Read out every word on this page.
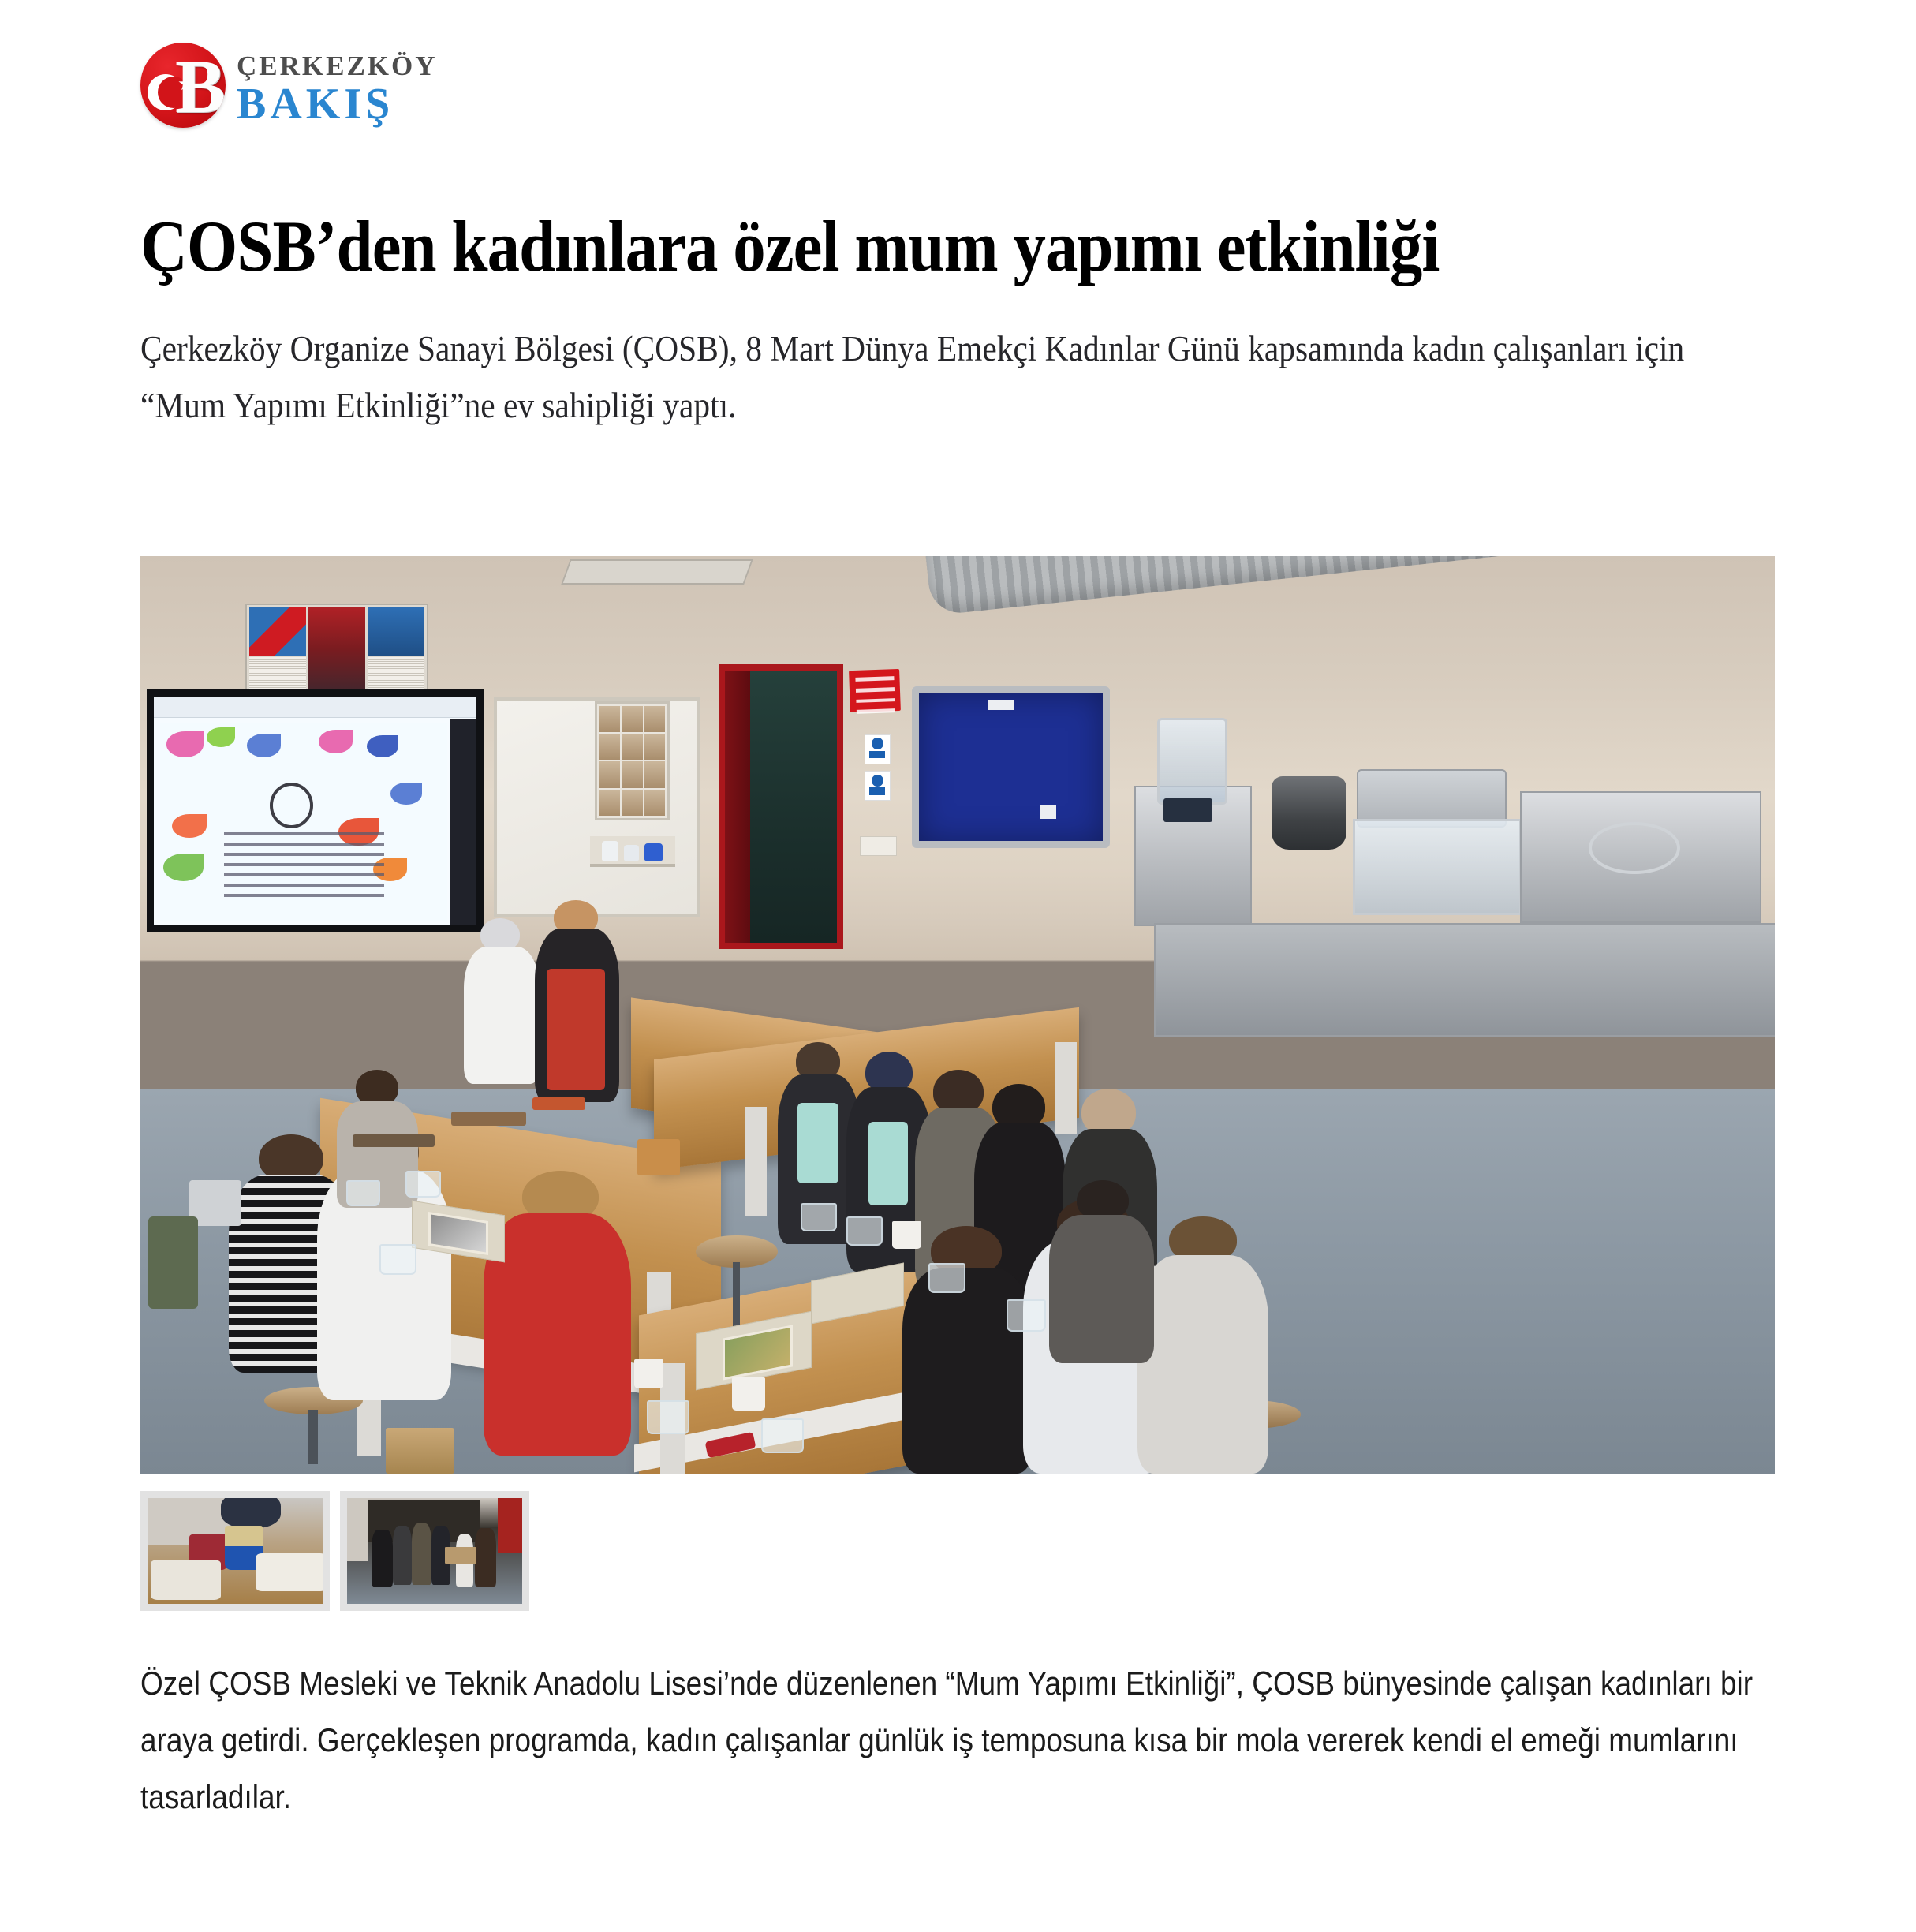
B ÇERKEZKÖY
BAKIŞ
ÇOSB’den kadınlara özel mum yapımı etkinliği

Çerkezköy Organize Sanayi Bölgesi (ÇOSB), 8 Mart Dünya Emekçi Kadınlar Günü kapsamında kadın çalışanları için “Mum Yapımı Etkinliği”ne ev sahipliği yaptı.

Özel ÇOSB Mesleki ve Teknik Anadolu Lisesi’nde düzenlenen “Mum Yapımı Etkinliği”, ÇOSB bünyesinde çalışan kadınları bir araya getirdi. Gerçekleşen programda, kadın çalışanlar günlük iş temposuna kısa bir mola vererek kendi el emeği mumlarını tasarladılar.
